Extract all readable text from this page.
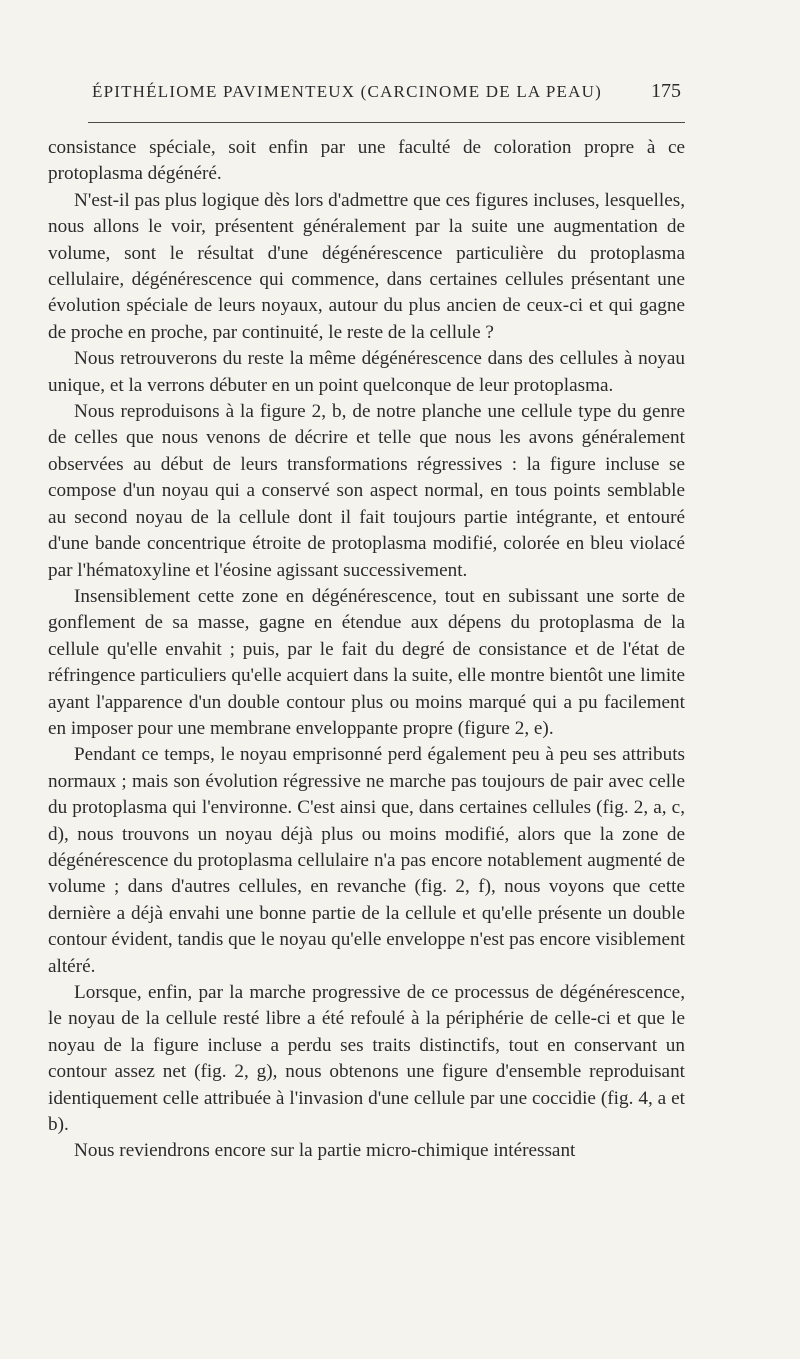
ÉPITHÉLIOME PAVIMENTEUX (CARCINOME DE LA PEAU) 175

consistance spéciale, soit enfin par une faculté de coloration propre à ce protoplasma dégénéré.

N'est-il pas plus logique dès lors d'admettre que ces figures incluses, lesquelles, nous allons le voir, présentent généralement par la suite une augmentation de volume, sont le résultat d'une dégénérescence particulière du protoplasma cellulaire, dégénérescence qui commence, dans certaines cellules présentant une évolution spéciale de leurs noyaux, autour du plus ancien de ceux-ci et qui gagne de proche en proche, par continuité, le reste de la cellule ?

Nous retrouverons du reste la même dégénérescence dans des cellules à noyau unique, et la verrons débuter en un point quelconque de leur protoplasma.

Nous reproduisons à la figure 2, b, de notre planche une cellule type du genre de celles que nous venons de décrire et telle que nous les avons généralement observées au début de leurs transformations régressives : la figure incluse se compose d'un noyau qui a conservé son aspect normal, en tous points semblable au second noyau de la cellule dont il fait toujours partie intégrante, et entouré d'une bande concentrique étroite de protoplasma modifié, colorée en bleu violacé par l'hématoxyline et l'éosine agissant successivement.

Insensiblement cette zone en dégénérescence, tout en subissant une sorte de gonflement de sa masse, gagne en étendue aux dépens du protoplasma de la cellule qu'elle envahit ; puis, par le fait du degré de consistance et de l'état de réfringence particuliers qu'elle acquiert dans la suite, elle montre bientôt une limite ayant l'apparence d'un double contour plus ou moins marqué qui a pu facilement en imposer pour une membrane enveloppante propre (figure 2, e).

Pendant ce temps, le noyau emprisonné perd également peu à peu ses attributs normaux ; mais son évolution régressive ne marche pas toujours de pair avec celle du protoplasma qui l'environne. C'est ainsi que, dans certaines cellules (fig. 2, a, c, d), nous trouvons un noyau déjà plus ou moins modifié, alors que la zone de dégénérescence du protoplasma cellulaire n'a pas encore notablement augmenté de volume ; dans d'autres cellules, en revanche (fig. 2, f), nous voyons que cette dernière a déjà envahi une bonne partie de la cellule et qu'elle présente un double contour évident, tandis que le noyau qu'elle enveloppe n'est pas encore visiblement altéré.

Lorsque, enfin, par la marche progressive de ce processus de dégénérescence, le noyau de la cellule resté libre a été refoulé à la périphérie de celle-ci et que le noyau de la figure incluse a perdu ses traits distinctifs, tout en conservant un contour assez net (fig. 2, g), nous obtenons une figure d'ensemble reproduisant identiquement celle attribuée à l'invasion d'une cellule par une coccidie (fig. 4, a et b).

Nous reviendrons encore sur la partie micro-chimique intéressant
